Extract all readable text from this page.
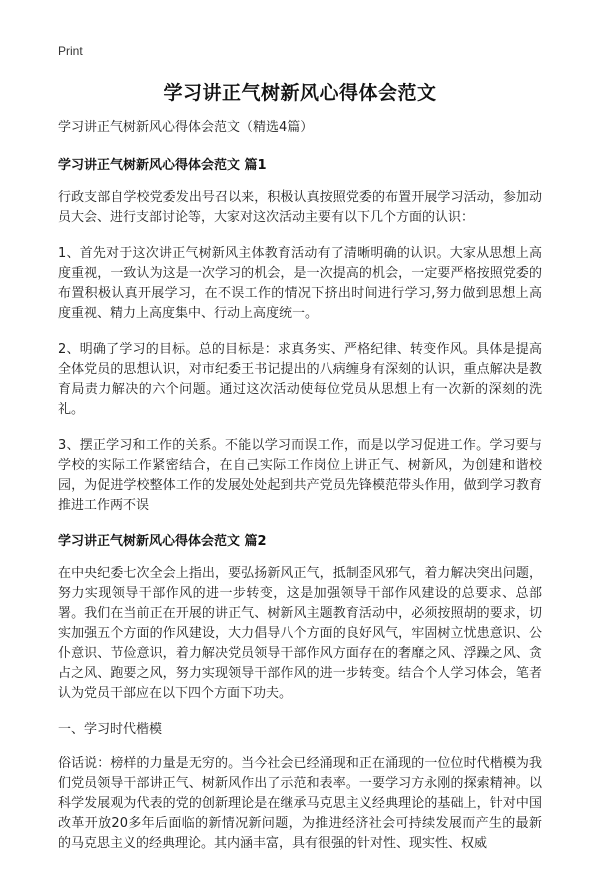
Print
学习讲正气树新风心得体会范文

学习讲正气树新风心得体会范文（精选4篇）

学习讲正气树新风心得体会范文 篇1

行政支部自学校党委发出号召以来，积极认真按照党委的布置开展学习活动，参加动员大会、进行支部讨论等，大家对这次活动主要有以下几个方面的认识：

1、首先对于这次讲正气树新风主体教育活动有了清晰明确的认识。大家从思想上高度重视，一致认为这是一次学习的机会，是一次提高的机会，一定要严格按照党委的布置积极认真开展学习，在不误工作的情况下挤出时间进行学习,努力做到思想上高度重视、精力上高度集中、行动上高度统一。

2、明确了学习的目标。总的目标是：求真务实、严格纪律、转变作风。具体是提高全体党员的思想认识，对市纪委王书记提出的八病缠身有深刻的认识，重点解决是教育局责力解决的六个问题。通过这次活动使每位党员从思想上有一次新的深刻的洗礼。

3、摆正学习和工作的关系。不能以学习而误工作，而是以学习促进工作。学习要与学校的实际工作紧密结合，在自己实际工作岗位上讲正气、树新风，为创建和谐校园，为促进学校整体工作的发展处处起到共产党员先锋模范带头作用，做到学习教育推进工作两不误

学习讲正气树新风心得体会范文 篇2

在中央纪委七次全会上指出，要弘扬新风正气，抵制歪风邪气，着力解决突出问题，努力实现领导干部作风的进一步转变，这是加强领导干部作风建设的总要求、总部署。我们在当前正在开展的讲正气、树新风主题教育活动中，必须按照胡的要求，切实加强五个方面的作风建设，大力倡导八个方面的良好风气，牢固树立忧患意识、公仆意识、节俭意识，着力解决党员领导干部作风方面存在的奢靡之风、浮躁之风、贪占之风、跑要之风，努力实现领导干部作风的进一步转变。结合个人学习体会，笔者认为党员干部应在以下四个方面下功夫。

一、学习时代楷模

俗话说：榜样的力量是无穷的。当今社会已经涌现和正在涌现的一位位时代楷模为我们党员领导干部讲正气、树新风作出了示范和表率。一要学习方永刚的探索精神。以科学发展观为代表的党的创新理论是在继承马克思主义经典理论的基础上，针对中国改革开放20多年后面临的新情况新问题，为推进经济社会可持续发展而产生的最新的马克思主义的经典理论。其内涵丰富，具有很强的针对性、现实性、权威
